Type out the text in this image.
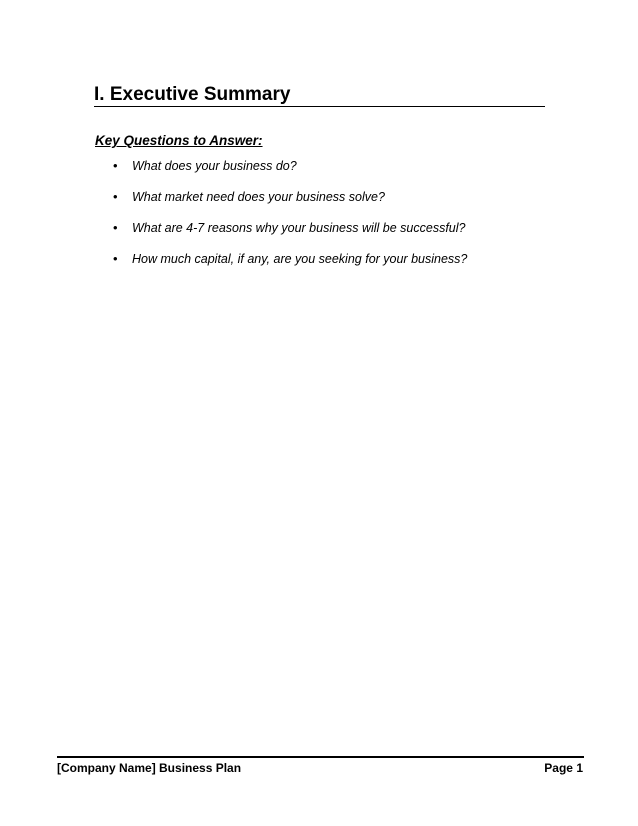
I. Executive Summary
Key Questions to Answer:
• What does your business do?
• What market need does your business solve?
• What are 4-7 reasons why your business will be successful?
• How much capital, if any, are you seeking for your business?
[Company Name] Business Plan	Page 1
